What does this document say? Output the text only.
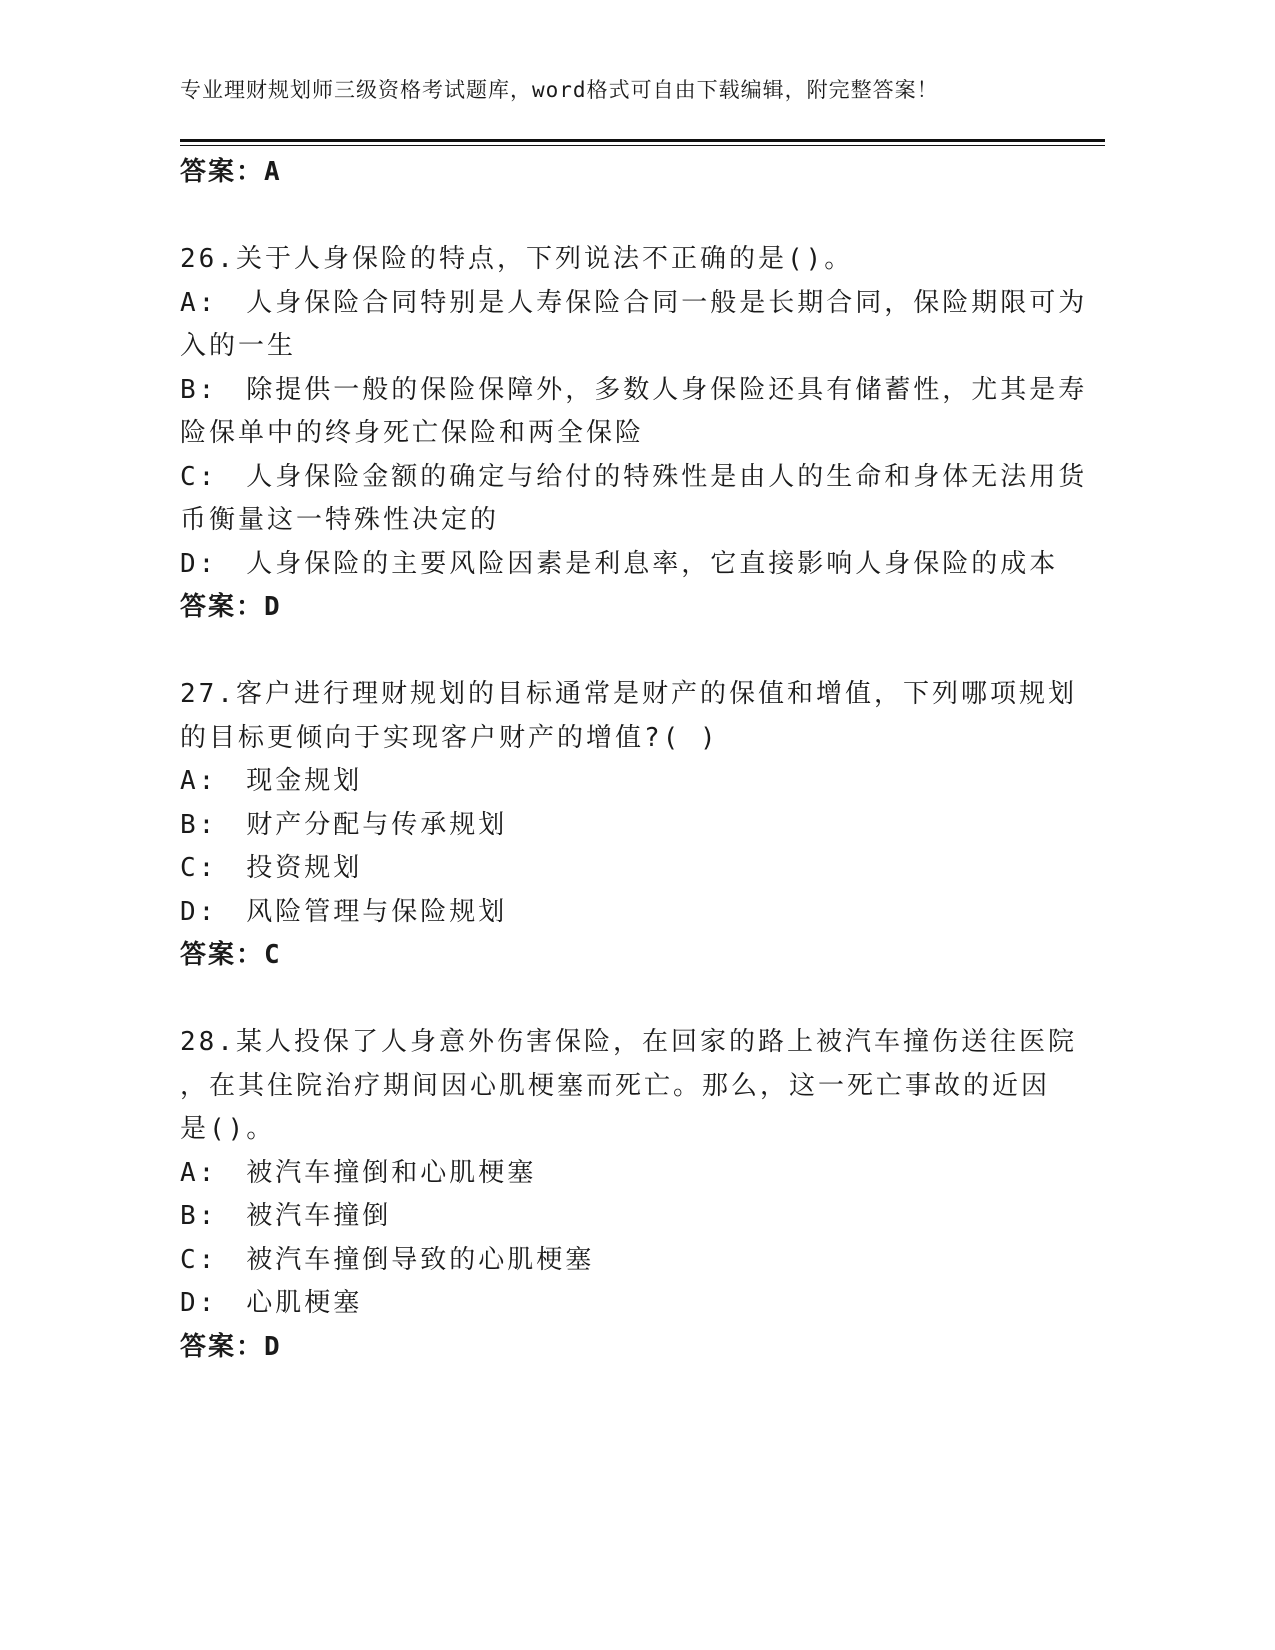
专业理财规划师三级资格考试题库，word格式可自由下载编辑，附完整答案！
答案：A
26.关于人身保险的特点，下列说法不正确的是()。
A:　人身保险合同特别是人寿保险合同一般是长期合同，保险期限可为
入的一生
B:　除提供一般的保险保障外，多数人身保险还具有储蓄性，尤其是寿
险保单中的终身死亡保险和两全保险
C:　人身保险金额的确定与给付的特殊性是由人的生命和身体无法用货
币衡量这一特殊性决定的
D:　人身保险的主要风险因素是利息率，它直接影响人身保险的成本
答案：D
27.客户进行理财规划的目标通常是财产的保值和增值，下列哪项规划
的目标更倾向于实现客户财产的增值?( )
A:　现金规划
B:　财产分配与传承规划
C:　投资规划
D:　风险管理与保险规划
答案：C
28.某人投保了人身意外伤害保险，在回家的路上被汽车撞伤送往医院
，在其住院治疗期间因心肌梗塞而死亡。那么，这一死亡事故的近因
是()。
A:　被汽车撞倒和心肌梗塞
B:　被汽车撞倒
C:　被汽车撞倒导致的心肌梗塞
D:　心肌梗塞
答案：D
